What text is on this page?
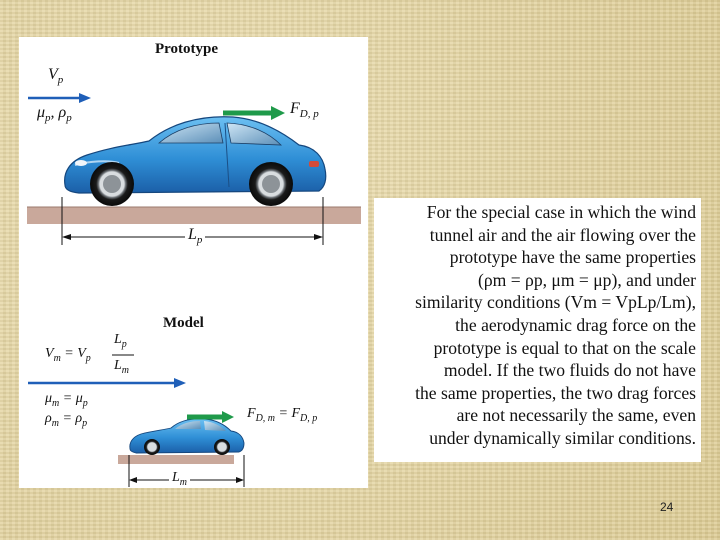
Prototype
Model
$V_p$
$\mu_p$, $\rho_p$
$F_{D, p}$
$L_p$
$V_m = V_p$
$L_p$
$L_m$
$\mu_m = \mu_p$
$\rho_m = \rho_p$
$F_{D, m} = F_{D, p}$
$L_m$
For the special case in which the wind
tunnel air and the air flowing over the
prototype have the same properties
(ρm = ρp, μm = μp), and under
similarity conditions (Vm = VpLp/Lm),
the aerodynamic drag force on the
prototype is equal to that on the scale
model. If the two fluids do not have
the same properties, the two drag forces
are not necessarily the same, even
under dynamically similar conditions.
24
